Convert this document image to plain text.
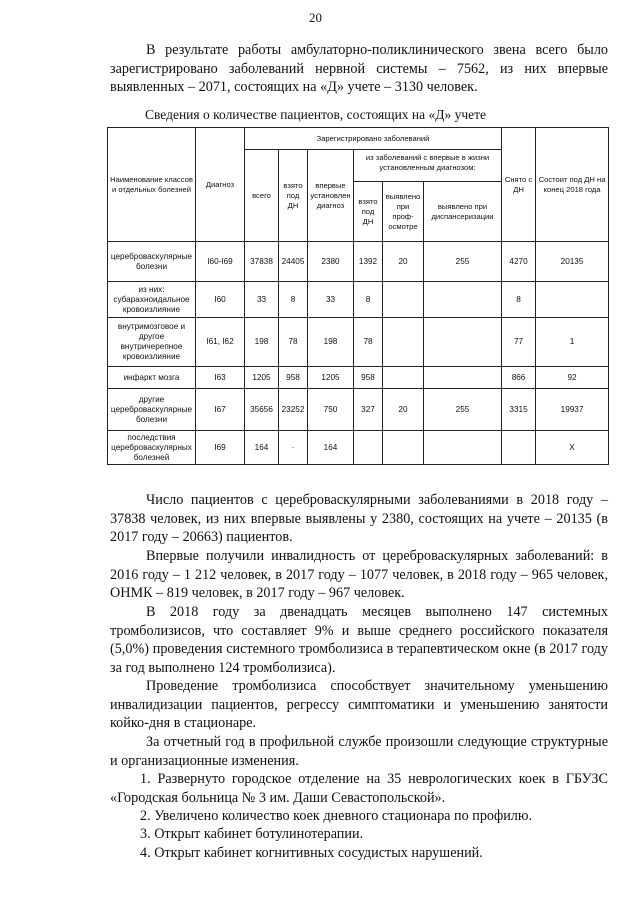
20

В результате работы амбулаторно-поликлинического звена всего было зарегистрировано заболеваний нервной системы – 7562, из них впервые выявленных – 2071, состоящих на «Д» учете – 3130 человек.

Сведения о количестве пациентов, состоящих на «Д» учете
Наименование классов и отдельных болезней	Диагноз	Зарегистрировано заболеваний						Снято с ДН	Состоит под ДН на конец 2018 года
		всего	взято под ДН	впервые установлен диагноз	из заболеваний с впервые в жизни установленным диагнозом:				
					взято под ДН	выявлено при проф-осмотре	выявлено при диспансеризации		
цереброваскулярные болезни	I60-I69	37838	24405	2380	1392	20	255	4270	20135
из них: субарахноидальное кровоизлияние	I60	33	8	33	8			8	
внутримозговое и другое внутричерепное кровоизлияние	I61, I62	198	78	198	78			77	1
инфаркт мозга	I63	1205	958	1205	958			866	92
другие цереброваскулярные болезни	I67	35656	23252	750	327	20	255	3315	19937
последствия цереброваскулярных болезней	I69	164	·	164					X

Число пациентов с цереброваскулярными заболеваниями в 2018 году – 37838 человек, из них впервые выявлены у 2380, состоящих на учете – 20135 (в 2017 году – 20663) пациентов.

Впервые получили инвалидность от цереброваскулярных заболеваний: в 2016 году – 1 212 человек, в 2017 году – 1077 человек, в 2018 году – 965 человек, ОНМК – 819 человек, в 2017 году – 967 человек.

В 2018 году за двенадцать месяцев выполнено 147 системных тромболизисов, что составляет 9% и выше среднего российского показателя (5,0%) проведения системного тромболизиса в терапевтическом окне (в 2017 году за год выполнено 124 тромболизиса).

Проведение тромболизиса способствует значительному уменьшению инвалидизации пациентов, регрессу симптоматики и уменьшению занятости койко-дня в стационаре.

За отчетный год в профильной службе произошли следующие структурные и организационные изменения.

1. Развернуто городское отделение на 35 неврологических коек в ГБУЗС «Городская больница № 3 им. Даши Севастопольской».

2. Увеличено количество коек дневного стационара по профилю.

3. Открыт кабинет ботулинотерапии.

4. Открыт кабинет когнитивных сосудистых нарушений.
